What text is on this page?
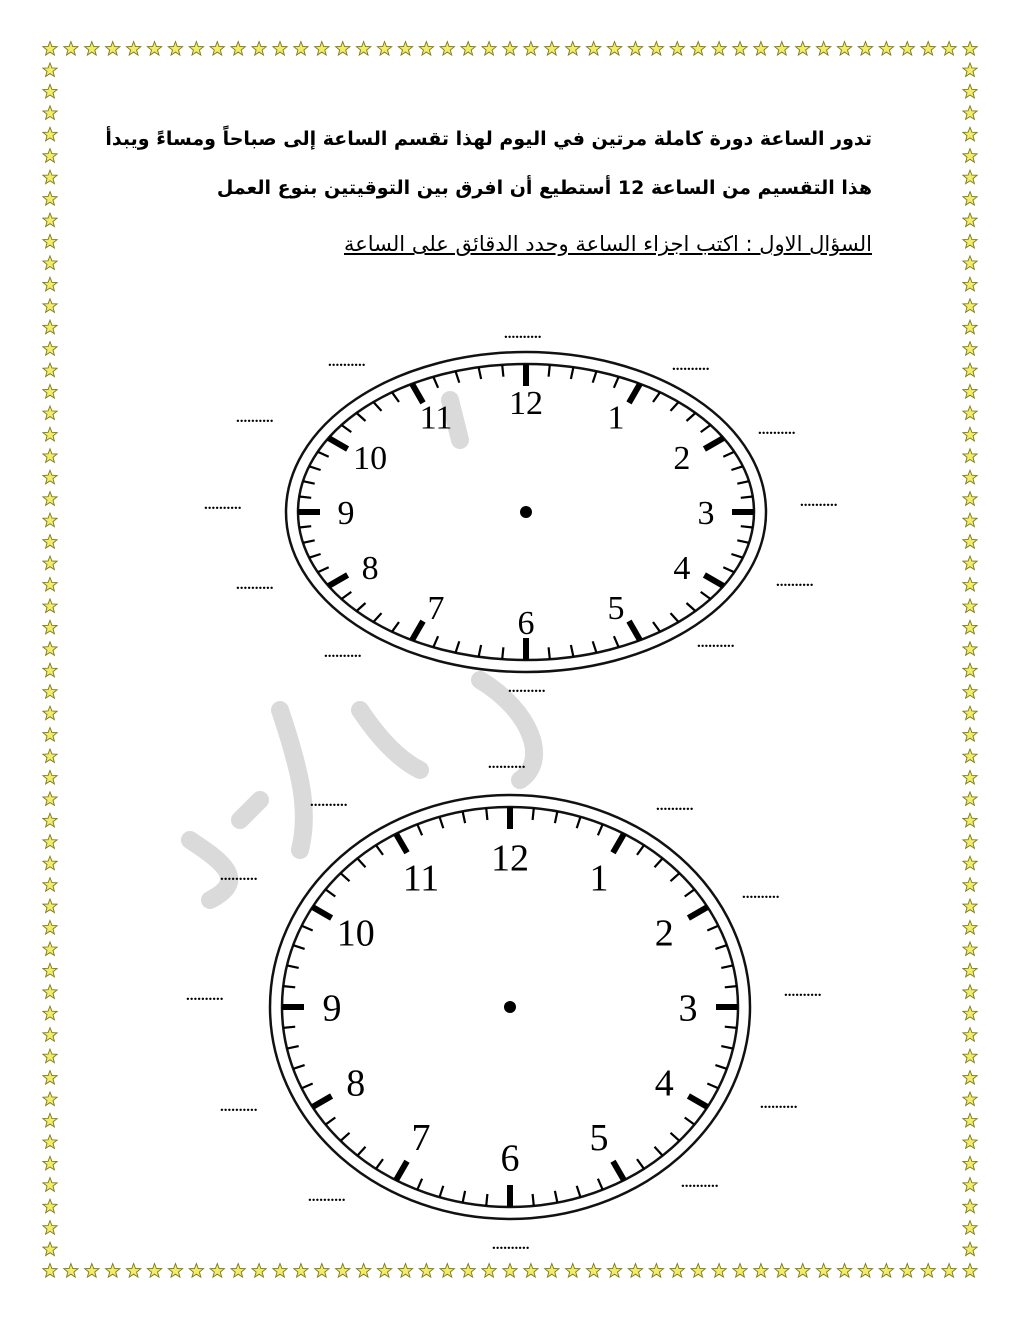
تدور الساعة دورة كاملة مرتين في اليوم لهذا تقسم الساعة إلى صباحاً ومساءً ويبدأ
هذا التقسيم من الساعة 12 أستطيع أن افرق بين التوقيتين بنوع العمل
السؤال الاول : اكتب اجزاء الساعة وحدد الدقائق على الساعة
12 1
2
3
4
5
6
7
8
9
10
11
12 1
2
3
4
5
6
7
8
9
10
11
..........
..........	..........
..........
..........
..........	..........
..........	..........
..........
..........
..........
..........
..........	..........
..........
..........
..........	..........
..........	..........
..........
..........
..........
